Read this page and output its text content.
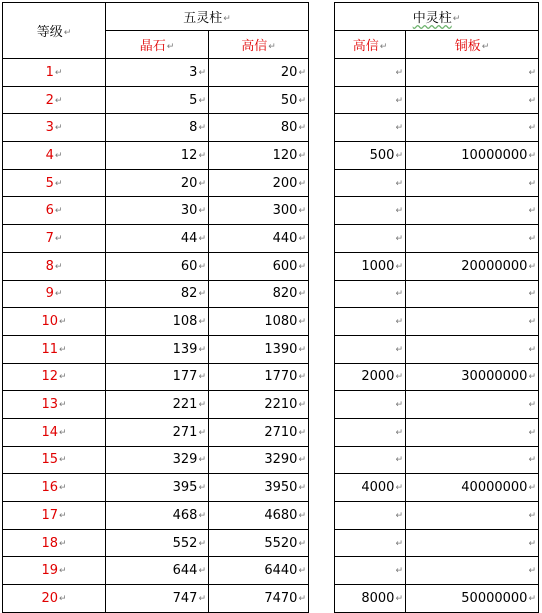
等级↵	五灵柱↵			中灵柱↵	
	晶石↵	高信↵		高信↵	铜板↵
1↵	3↵	20↵		↵	↵
2↵	5↵	50↵		↵	↵
3↵	8↵	80↵		↵	↵
4↵	12↵	120↵		500↵	10000000↵
5↵	20↵	200↵		↵	↵
6↵	30↵	300↵		↵	↵
7↵	44↵	440↵		↵	↵
8↵	60↵	600↵		1000↵	20000000↵
9↵	82↵	820↵		↵	↵
10↵	108↵	1080↵		↵	↵
11↵	139↵	1390↵		↵	↵
12↵	177↵	1770↵		2000↵	30000000↵
13↵	221↵	2210↵		↵	↵
14↵	271↵	2710↵		↵	↵
15↵	329↵	3290↵		↵	↵
16↵	395↵	3950↵		4000↵	40000000↵
17↵	468↵	4680↵		↵	↵
18↵	552↵	5520↵		↵	↵
19↵	644↵	6440↵		↵	↵
20↵	747↵	7470↵		8000↵	50000000↵
